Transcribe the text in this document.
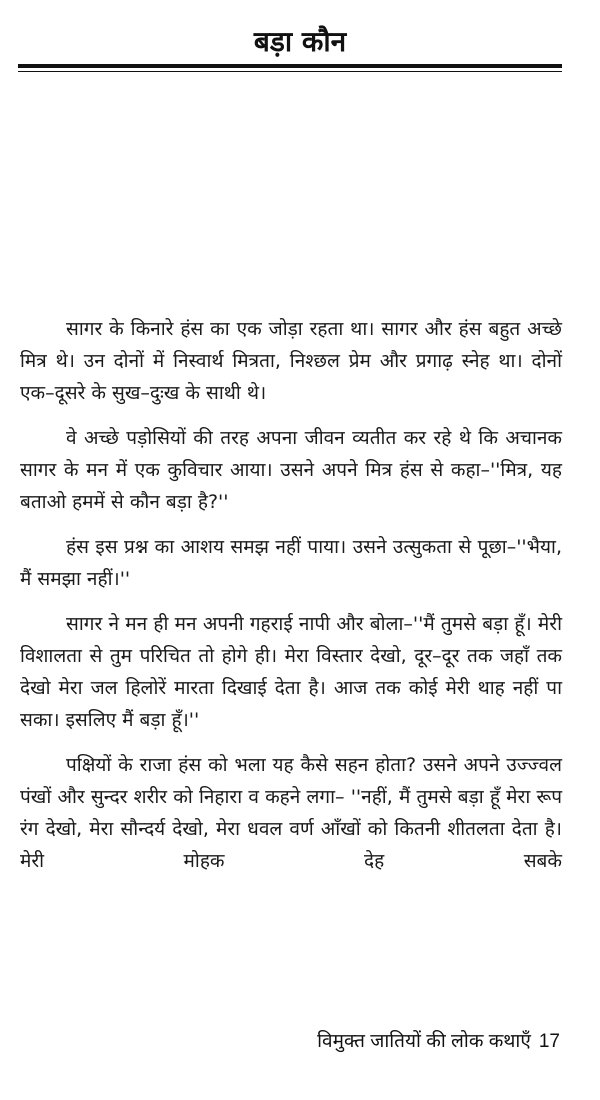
बड़ा कौन

सागर के किनारे हंस का एक जोड़ा रहता था। सागर और हंस बहुत अच्छे मित्र थे। उन दोनों में निस्वार्थ मित्रता, निश्छल प्रेम और प्रगाढ़ स्नेह था। दोनों एक–दूसरे के सुख–दुःख के साथी थे।

वे अच्छे पड़ोसियों की तरह अपना जीवन व्यतीत कर रहे थे कि अचानक सागर के मन में एक कुविचार आया। उसने अपने मित्र हंस से कहा–''मित्र, यह बताओ हममें से कौन बड़ा है?''

हंस इस प्रश्न का आशय समझ नहीं पाया। उसने उत्सुकता से पूछा–''भैया, मैं समझा नहीं।''

सागर ने मन ही मन अपनी गहराई नापी और बोला–''मैं तुमसे बड़ा हूँ। मेरी विशालता से तुम परिचित तो होगे ही। मेरा विस्तार देखो, दूर–दूर तक जहाँ तक देखो मेरा जल हिलोरें मारता दिखाई देता है। आज तक कोई मेरी थाह नहीं पा सका। इसलिए मैं बड़ा हूँ।''

पक्षियों के राजा हंस को भला यह कैसे सहन होता? उसने अपने उज्ज्वल पंखों और सुन्दर शरीर को निहारा व कहने लगा– ''नहीं, मैं तुमसे बड़ा हूँ मेरा रूप रंग देखो, मेरा सौन्दर्य देखो, मेरा धवल वर्ण आँखों को कितनी शीतलता देता है। मेरी मोहक देह सबके

विमुक्त जातियों की लोक कथाएँ 17
